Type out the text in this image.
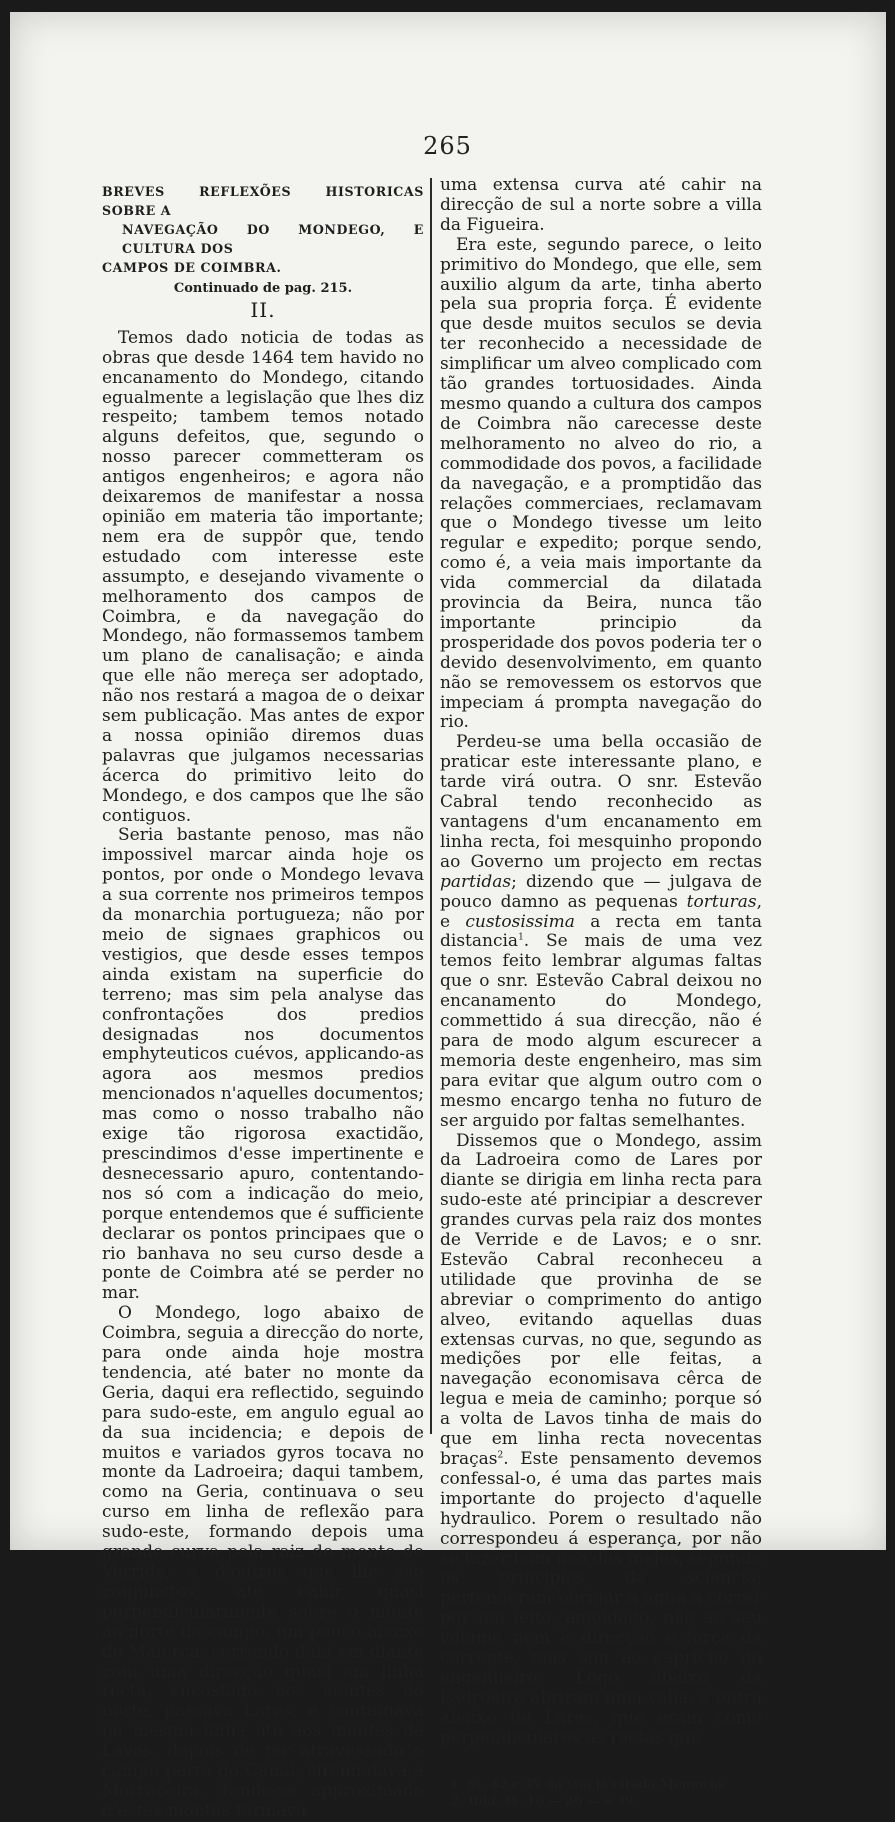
265
BREVES REFLEXÕES HISTORICAS SOBRE A
NAVEGAÇÃO DO MONDEGO, E CULTURA DOS
CAMPOS DE COIMBRA.

Continuado de pag. 215.

II.

Temos dado noticia de todas as obras que desde 1464 tem havido no encanamento do Mondego, citando egualmente a legislação que lhes diz respeito; tambem temos notado alguns defeitos, que, segundo o nosso parecer commetteram os antigos engenheiros; e agora não deixaremos de manifestar a nossa opinião em materia tão importante; nem era de suppôr que, tendo estudado com interesse este assumpto, e desejando vivamente o melhoramento dos campos de Coimbra, e da navegação do Mondego, não formassemos tambem um plano de canalisação; e ainda que elle não mereça ser adoptado, não nos restará a magoa de o deixar sem publicação. Mas antes de expor a nossa opinião diremos duas palavras que julgamos necessarias ácerca do primitivo leito do Mondego, e dos campos que lhe são contiguos.

Seria bastante penoso, mas não impossivel marcar ainda hoje os pontos, por onde o Mondego levava a sua corrente nos primeiros tempos da monarchia portugueza; não por meio de signaes graphicos ou vestigios, que desde esses tempos ainda existam na superficie do terreno; mas sim pela analyse das confrontações dos predios designadas nos documentos emphyteuticos cuévos, applicando-as agora aos mesmos predios mencionados n'aquelles documentos; mas como o nosso trabalho não exige tão rigorosa exactidão, prescindimos d'esse impertinente e desnecessario apuro, contentando-nos só com a indicação do meio, porque entendemos que é sufficiente declarar os pontos principaes que o rio banhava no seu curso desde a ponte de Coimbra até se perder no mar.

O Mondego, logo abaixo de Coimbra, seguia a direcção do norte, para onde ainda hoje mostra tendencia, até bater no monte da Geria, daqui era reflectido, seguindo para sudo-este, em angulo egual ao da sua incidencia; e depois de muitos e variados gyros tocava no monte da Ladroeira; daqui tambem, como na Geria, continuava o seu curso em linha de reflexão para sudo-este, formando depois uma grande curva pela raiz do monte de Verride, e d'outros que lhe são conjunctos, até cahir quasi perpendicularmente sobre o monte ao norte do campo, um pouco abaixo de Maiorca; correndo dahi em diante com uma direcção quasi em linha recta, encostado aos montes do norte, passava Lares, e continuava na mesma linha até aos montes de Lavos, depois de ter atravessado o campo perto do Canal, circumdava a Morraceira. Tendo-se approximado d'estes montes formava

uma extensa curva até cahir na direcção de sul a norte sobre a villa da Figueira.

Era este, segundo parece, o leito primitivo do Mondego, que elle, sem auxilio algum da arte, tinha aberto pela sua propria força. É evidente que desde muitos seculos se devia ter reconhecido a necessidade de simplificar um alveo complicado com tão grandes tortuosidades. Ainda mesmo quando a cultura dos campos de Coimbra não carecesse deste melhoramento no alveo do rio, a commodidade dos povos, a facilidade da navegação, e a promptidão das relações commerciaes, reclamavam que o Mondego tivesse um leito regular e expedito; porque sendo, como é, a veia mais importante da vida commercial da dilatada provincia da Beira, nunca tão importante principio da prosperidade dos povos poderia ter o devido desenvolvimento, em quanto não se removessem os estorvos que impeciam á prompta navegação do rio.

Perdeu-se uma bella occasião de praticar este interessante plano, e tarde virá outra. O snr. Estevão Cabral tendo reconhecido as vantagens d'um encanamento em linha recta, foi mesquinho propondo ao Governo um projecto em rectas partidas; dizendo que — julgava de pouco damno as pequenas torturas, e custosissima a recta em tanta distancia$^1$. Se mais de uma vez temos feito lembrar algumas faltas que o snr. Estevão Cabral deixou no encanamento do Mondego, commettido á sua direcção, não é para de modo algum escurecer a memoria deste engenheiro, mas sim para evitar que algum outro com o mesmo encargo tenha no futuro de ser arguido por faltas semelhantes.

Dissemos que o Mondego, assim da Ladroeira como de Lares por diante se dirigia em linha recta para sudo-este até principiar a descrever grandes curvas pela raiz dos montes de Verride e de Lavos; e o snr. Estevão Cabral reconheceu a utilidade que provinha de se abreviar o comprimento do antigo alveo, evitando aquellas duas extensas curvas, no que, segundo as medições por elle feitas, a navegação economisava cêrca de legua e meia de caminho; porque só a volta de Lavos tinha de mais do que em linha recta novecentas braças$^2$. Este pensamento devemos confessal-o, é uma das partes mais importante do projecto d'aquelle hydraulico. Porem o resultado não correspondeu á esperança, por não se fazer bom uso dos meios, segundo os principios da sciencia; pertenderam obrigar a agua a correr por um leito, amoldado, não ao seu volume nem á direcção e força da corrente, mas sim ao capricho do engenheiro. Logo abaixo da Ladroeira abriram uma valla, e outra abaixo de Lares, que eram como perpendiculares ás rectas que

1 §§. 32 e 35 da sua já citada Memoria.
2 Ibid. §§. 10 — 20 — e 39.
